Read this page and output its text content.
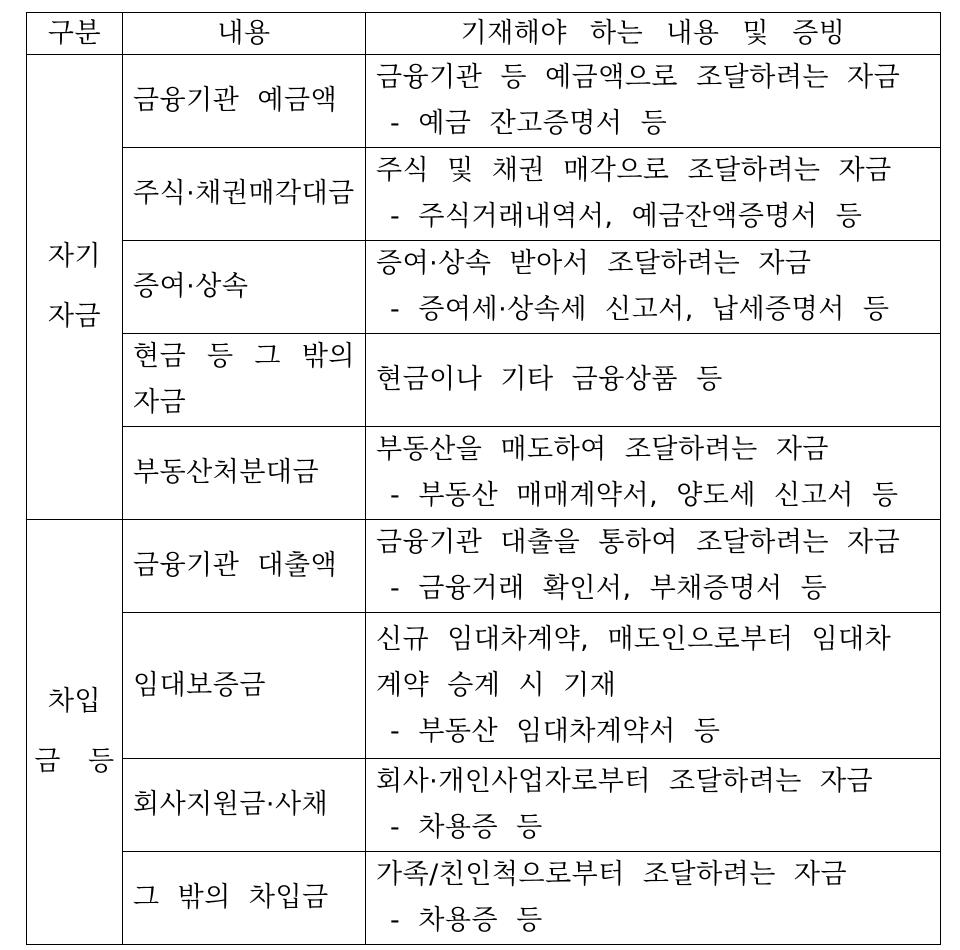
구분	내용	기재해야 하는 내용 및 증빙

자기
자금	금융기관 예금액	금융기관 등 예금액으로 조달하려는 자금
- 예금 잔고증명서 등

	주식·채권매각대금	주식 및 채권 매각으로 조달하려는 자금
- 주식거래내역서, 예금잔액증명서 등

	증여·상속	증여·상속 받아서 조달하려는 자금
- 증여세·상속세 신고서, 납세증명서 등

	현금 등 그 밖의 자금	현금이나 기타 금융상품 등

	부동산처분대금	부동산을 매도하여 조달하려는 자금
- 부동산 매매계약서, 양도세 신고서 등

차입
금 등	금융기관 대출액	금융기관 대출을 통하여 조달하려는 자금
- 금융거래 확인서, 부채증명서 등

	임대보증금	신규 임대차계약, 매도인으로부터 임대차
계약 승계 시 기재
- 부동산 임대차계약서 등

	회사지원금·사채	회사·개인사업자로부터 조달하려는 자금
- 차용증 등

	그 밖의 차입금	가족/친인척으로부터 조달하려는 자금
- 차용증 등
